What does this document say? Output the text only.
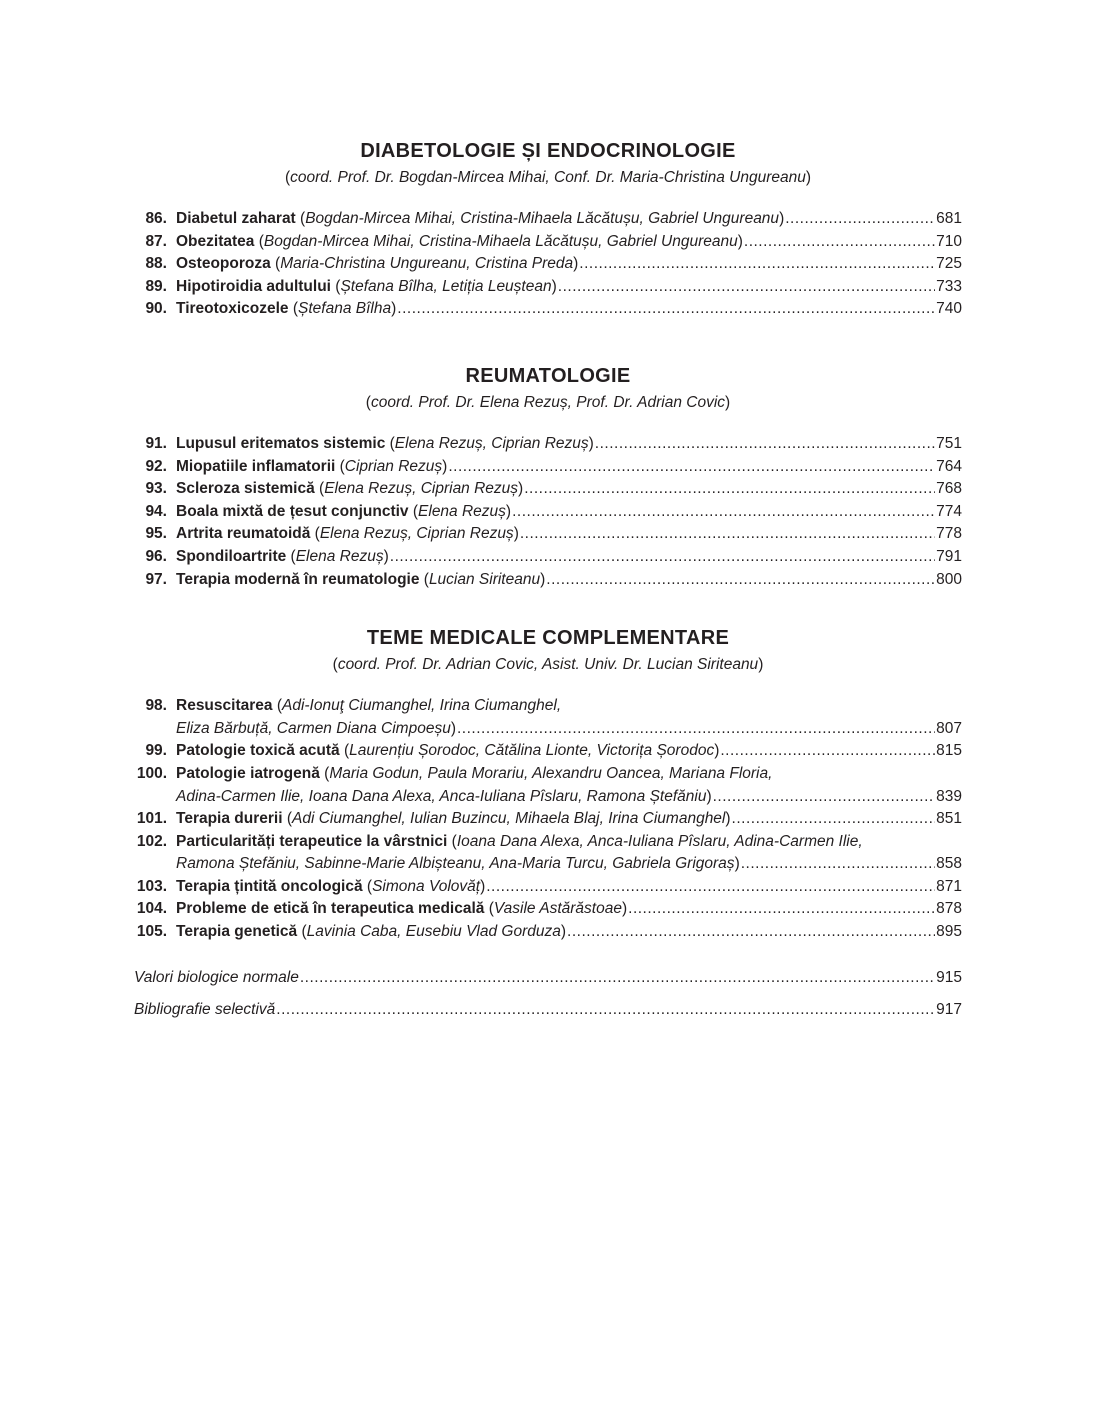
DIABETOLOGIE ȘI ENDOCRINOLOGIE

(coord. Prof. Dr. Bogdan-Mircea Mihai, Conf. Dr. Maria-Christina Ungureanu)

86. Diabetul zaharat (Bogdan-Mircea Mihai, Cristina-Mihaela Lăcătușu, Gabriel Ungureanu) .....	681
87. Obezitatea (Bogdan-Mircea Mihai, Cristina-Mihaela Lăcătușu, Gabriel Ungureanu) .....	710
88. Osteoporoza (Maria-Christina Ungureanu, Cristina Preda) .....	725
89. Hipotiroidia adultului (Ștefana Bîlha, Letiția Leuștean) .....	733
90. Tireotoxicozele (Ștefana Bîlha) .....	740
REUMATOLOGIE

(coord. Prof. Dr. Elena Rezuș, Prof. Dr. Adrian Covic)

91. Lupusul eritematos sistemic (Elena Rezuș, Ciprian Rezuș) .....	751
92. Miopatiile inflamatorii (Ciprian Rezuș) .....	764
93. Scleroza sistemică (Elena Rezuș, Ciprian Rezuș) .....	768
94. Boala mixtă de țesut conjunctiv (Elena Rezuș) .....	774
95. Artrita reumatoidă (Elena Rezuș, Ciprian Rezuș) .....	778
96. Spondiloartrite (Elena Rezuș) .....	791
97. Terapia modernă în reumatologie (Lucian Siriteanu) .....	800
TEME MEDICALE COMPLEMENTARE

(coord. Prof. Dr. Adrian Covic, Asist. Univ. Dr. Lucian Siriteanu)

98. Resuscitarea (Adi-Ionuţ Ciumanghel, Irina Ciumanghel,
Eliza Bărbuță, Carmen Diana Cimpoeșu) .....	807
99. Patologie toxică acută (Laurențiu Șorodoc, Cătălina Lionte, Victorița Șorodoc) .....	815
100. Patologie iatrogenă (Maria Godun, Paula Morariu, Alexandru Oancea, Mariana Floria,
Adina-Carmen Ilie, Ioana Dana Alexa, Anca-Iuliana Pîslaru, Ramona Ștefăniu) .....	839
101. Terapia durerii (Adi Ciumanghel, Iulian Buzincu, Mihaela Blaj, Irina Ciumanghel) .....	851
102. Particularități terapeutice la vârstnici (Ioana Dana Alexa, Anca-Iuliana Pîslaru, Adina-Carmen Ilie,
Ramona Ștefăniu, Sabinne-Marie Albișteanu, Ana-Maria Turcu, Gabriela Grigoraș) .....	858
103. Terapia țintită oncologică (Simona Volovăț) .....	871
104. Probleme de etică în terapeutica medicală (Vasile Astărăstoae) .....	878
105. Terapia genetică (Lavinia Caba, Eusebiu Vlad Gorduza) .....	895
Valori biologice normale .....	915
Bibliografie selectivă .....	917
